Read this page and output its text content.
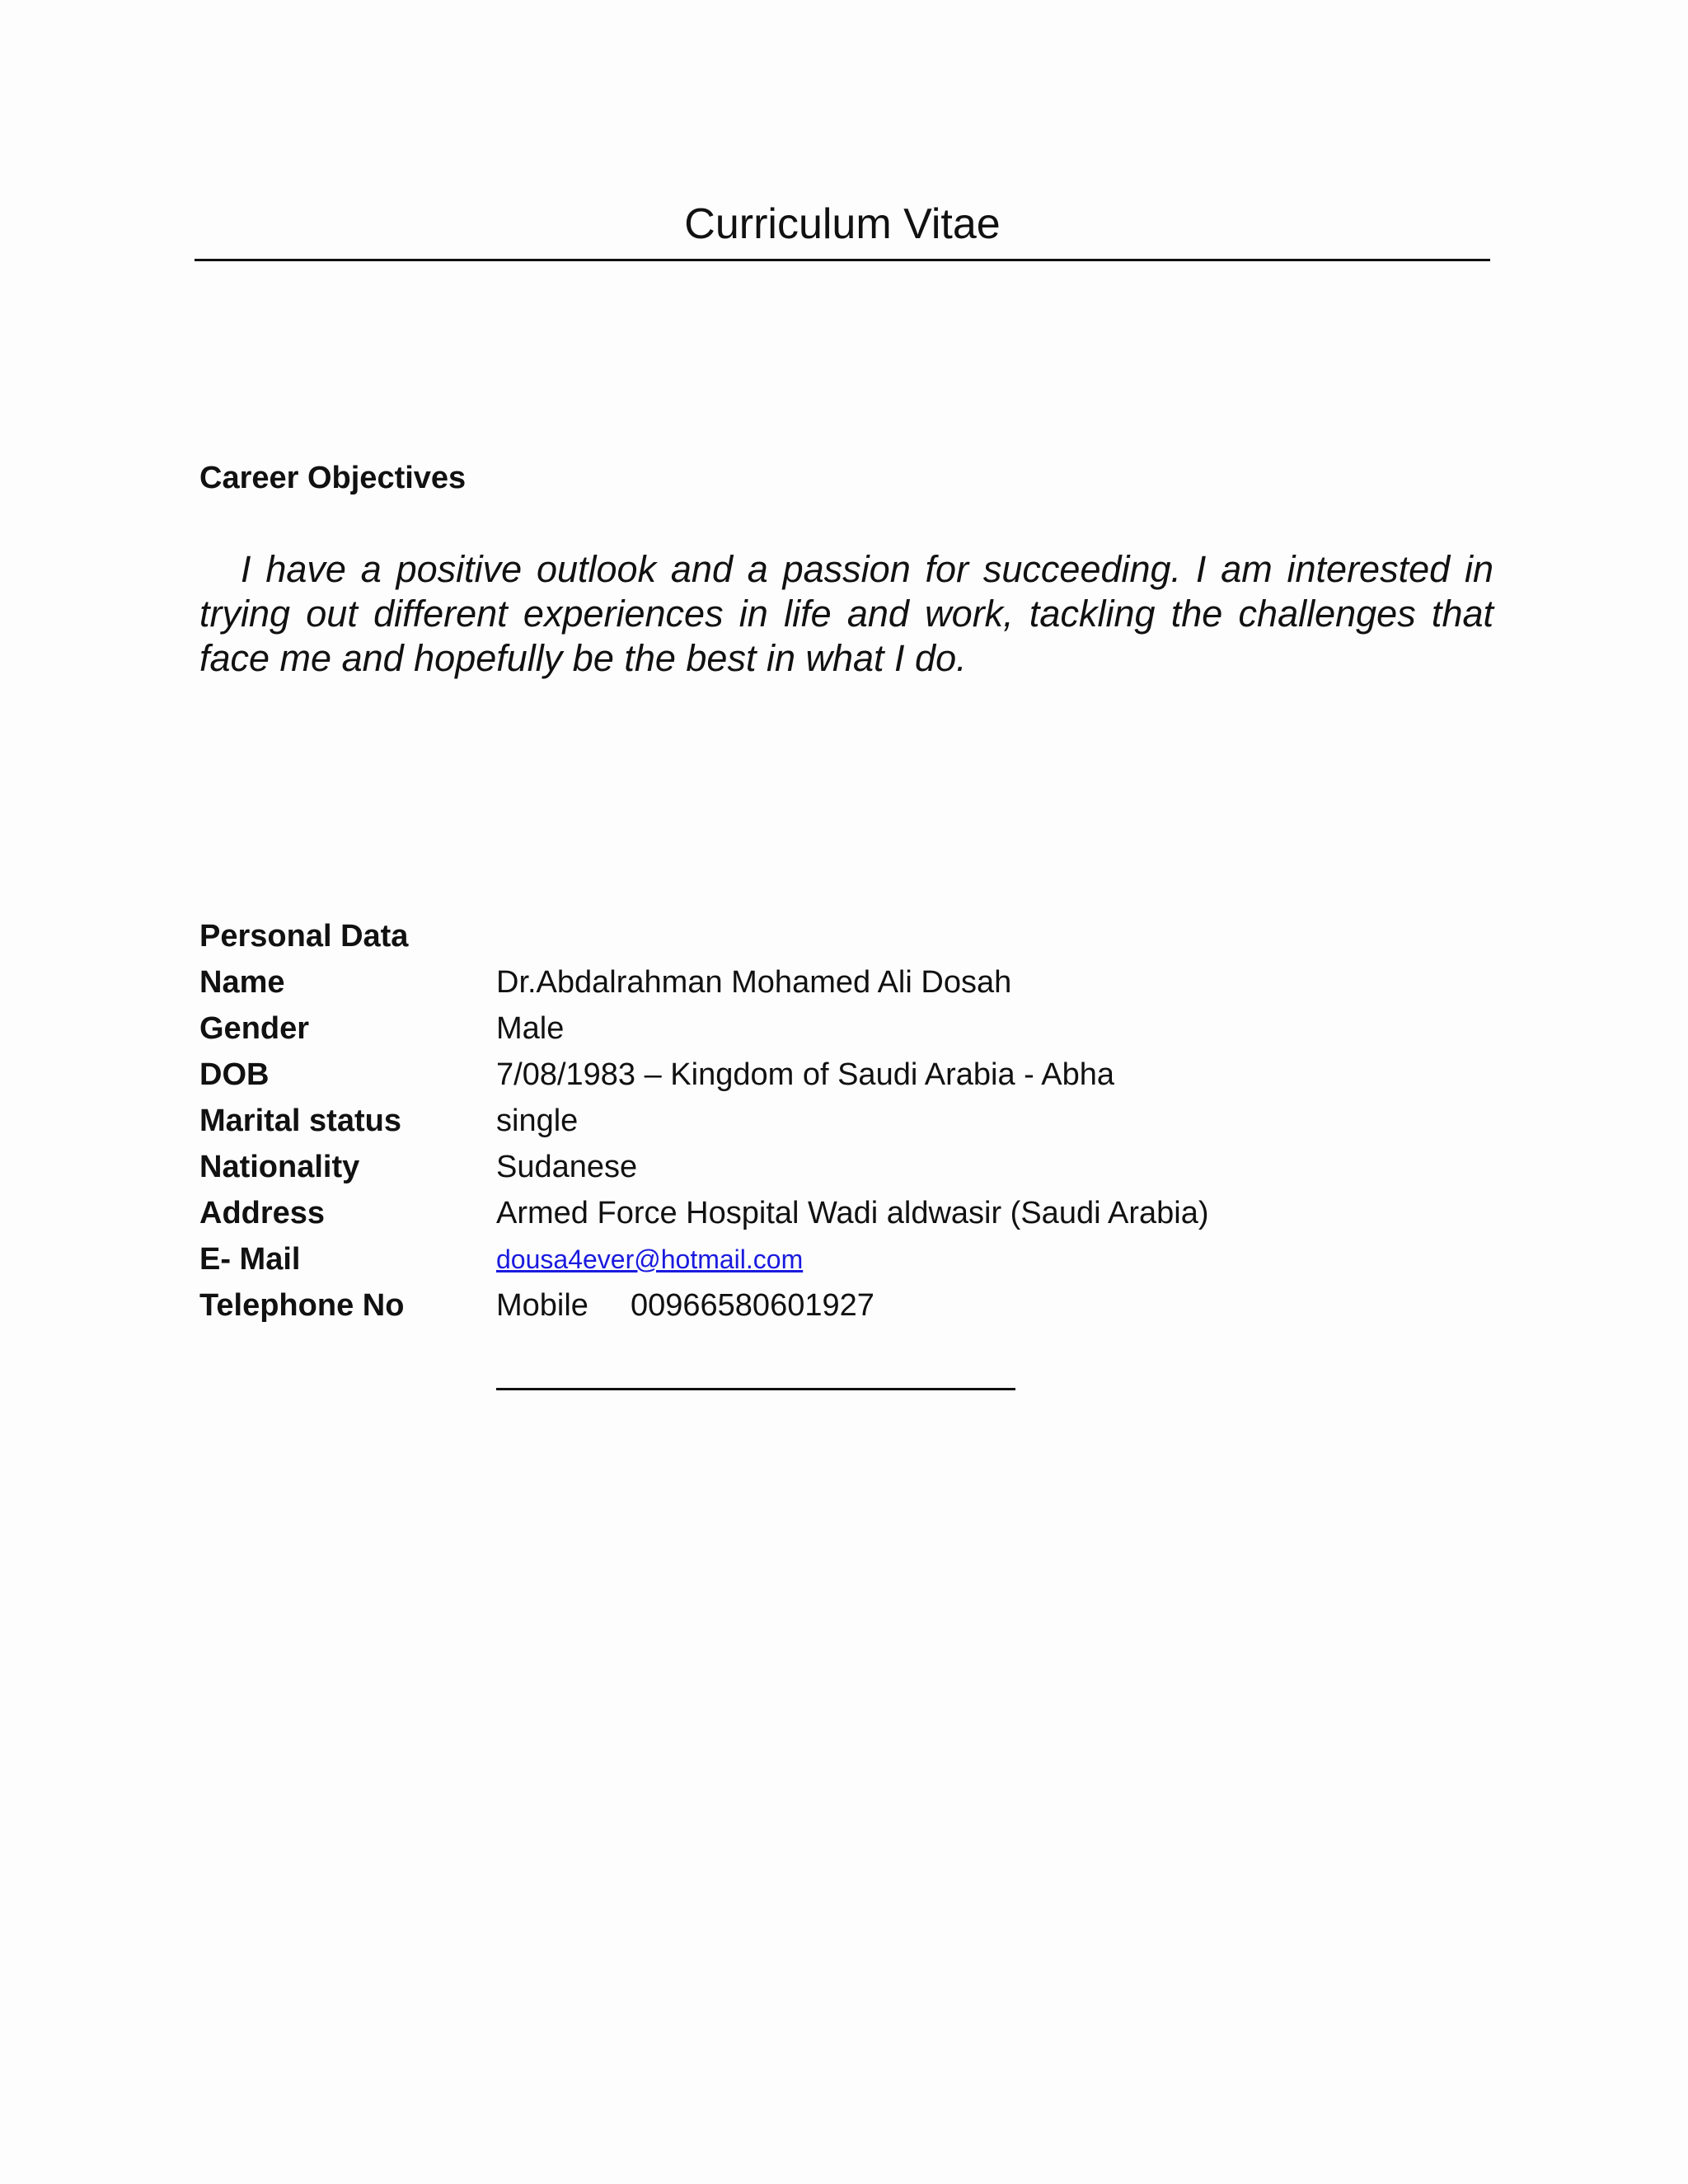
Curriculum Vitae
Career Objectives

I have a positive outlook and a passion for succeeding. I am interested in trying out different experiences in life and work, tackling the challenges that face me and hopefully be the best in what I do.

Personal Data
Name	Dr.Abdalrahman Mohamed Ali Dosah
Gender	Male
DOB	7/08/1983 – Kingdom of Saudi Arabia - Abha
Marital status	single
Nationality	Sudanese
Address	Armed Force Hospital Wadi aldwasir (Saudi Arabia)
E- Mail	dousa4ever@hotmail.com
Telephone No	Mobile 00966580601927
